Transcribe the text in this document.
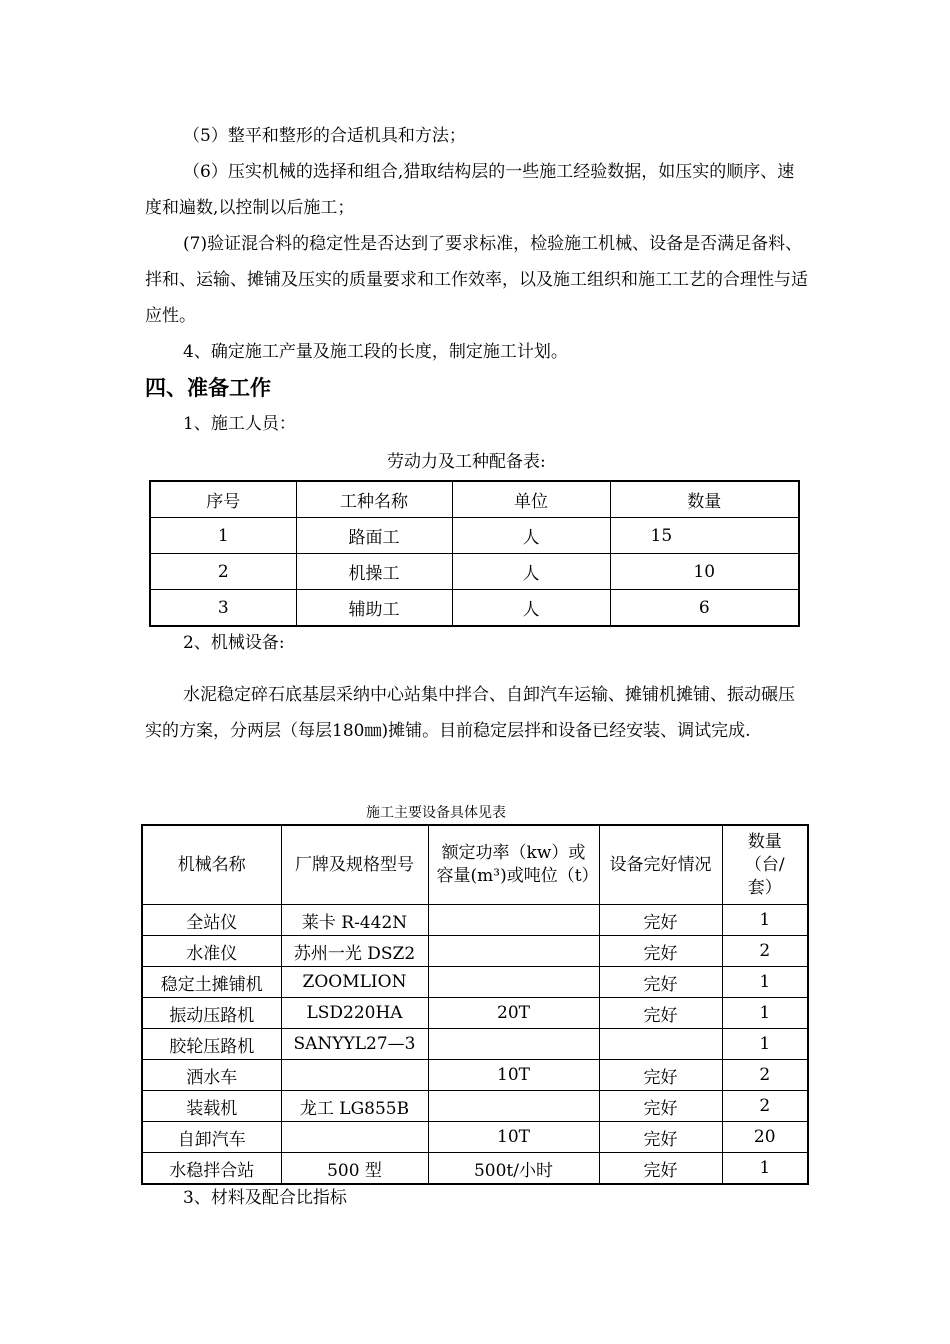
（5）整平和整形的合适机具和方法；

（6）压实机械的选择和组合,猎取结构层的一些施工经验数据，如压实的顺序、速度和遍数,以控制以后施工；

(7)验证混合料的稳定性是否达到了要求标准，检验施工机械、设备是否满足备料、拌和、运输、摊铺及压实的质量要求和工作效率，以及施工组织和施工工艺的合理性与适应性。

4、确定施工产量及施工段的长度，制定施工计划。

四、准备工作
1、施工人员：
劳动力及工种配备表:
序号	工种名称	单位	数量
1	路面工	人	15
2	机操工	人	10
3	辅助工	人	6
2、机械设备:

水泥稳定碎石底基层采纳中心站集中拌合、自卸汽车运输、摊铺机摊铺、振动碾压实的方案，分两层（每层180㎜)摊铺。目前稳定层拌和设备已经安装、调试完成.

施工主要设备具体见表
机械名称	厂牌及规格型号	额定功率（kw）或容量(m³)或吨位（t）	设备完好情况	数量（台/套）
全站仪	莱卡 R-442N		完好	1
水准仪	苏州一光 DSZ2		完好	2
稳定土摊铺机	ZOOMLION		完好	1
振动压路机	LSD220HA	20T	完好	1
胶轮压路机	SANYYL27—3			1
洒水车		10T	完好	2
装载机	龙工 LG855B		完好	2
自卸汽车		10T	完好	20
水稳拌合站	500 型	500t/小时	完好	1
3、材料及配合比指标
